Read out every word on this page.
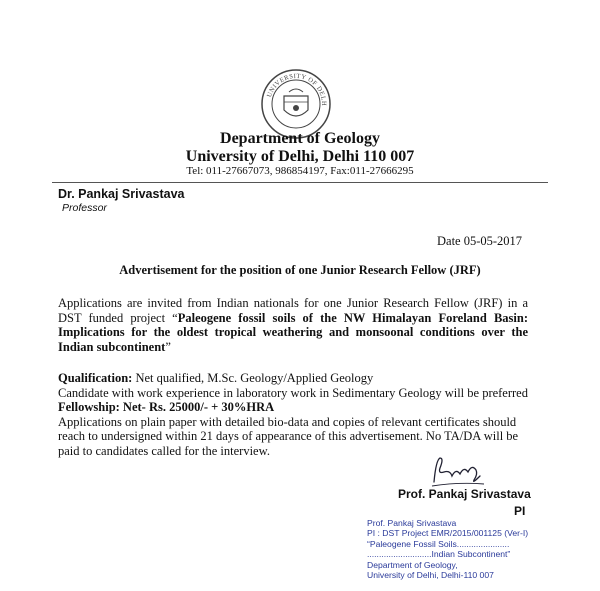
UNIVERSITY OF DELH
Department of Geology
University of Delhi, Delhi 110 007
Tel: 011-27667073, 986854197, Fax:011-27666295
Dr. Pankaj Srivastava
Professor
Date 05-05-2017
Advertisement for the position of one Junior Research Fellow (JRF)
Applications are invited from Indian nationals for one Junior Research Fellow (JRF) in a DST funded project “Paleogene fossil soils of the NW Himalayan Foreland Basin: Implications for the oldest tropical weathering and monsoonal conditions over the Indian subcontinent”
Qualification: Net qualified, M.Sc. Geology/Applied Geology
Candidate with work experience in laboratory work in Sedimentary Geology will be preferred
Fellowship: Net- Rs. 25000/- + 30%HRA
Applications on plain paper with detailed bio-data and copies of relevant certificates should reach to undersigned within 21 days of appearance of this advertisement. No TA/DA will be paid to candidates called for the interview.
Prof. Pankaj Srivastava
PI
Prof. Pankaj Srivastava
PI : DST Project EMR/2015/001125 (Ver-I)
“Paleogene Fossil Soils......................
...........................Indian Subcontinent”
Department of Geology,
University of Delhi, Delhi-110 007
